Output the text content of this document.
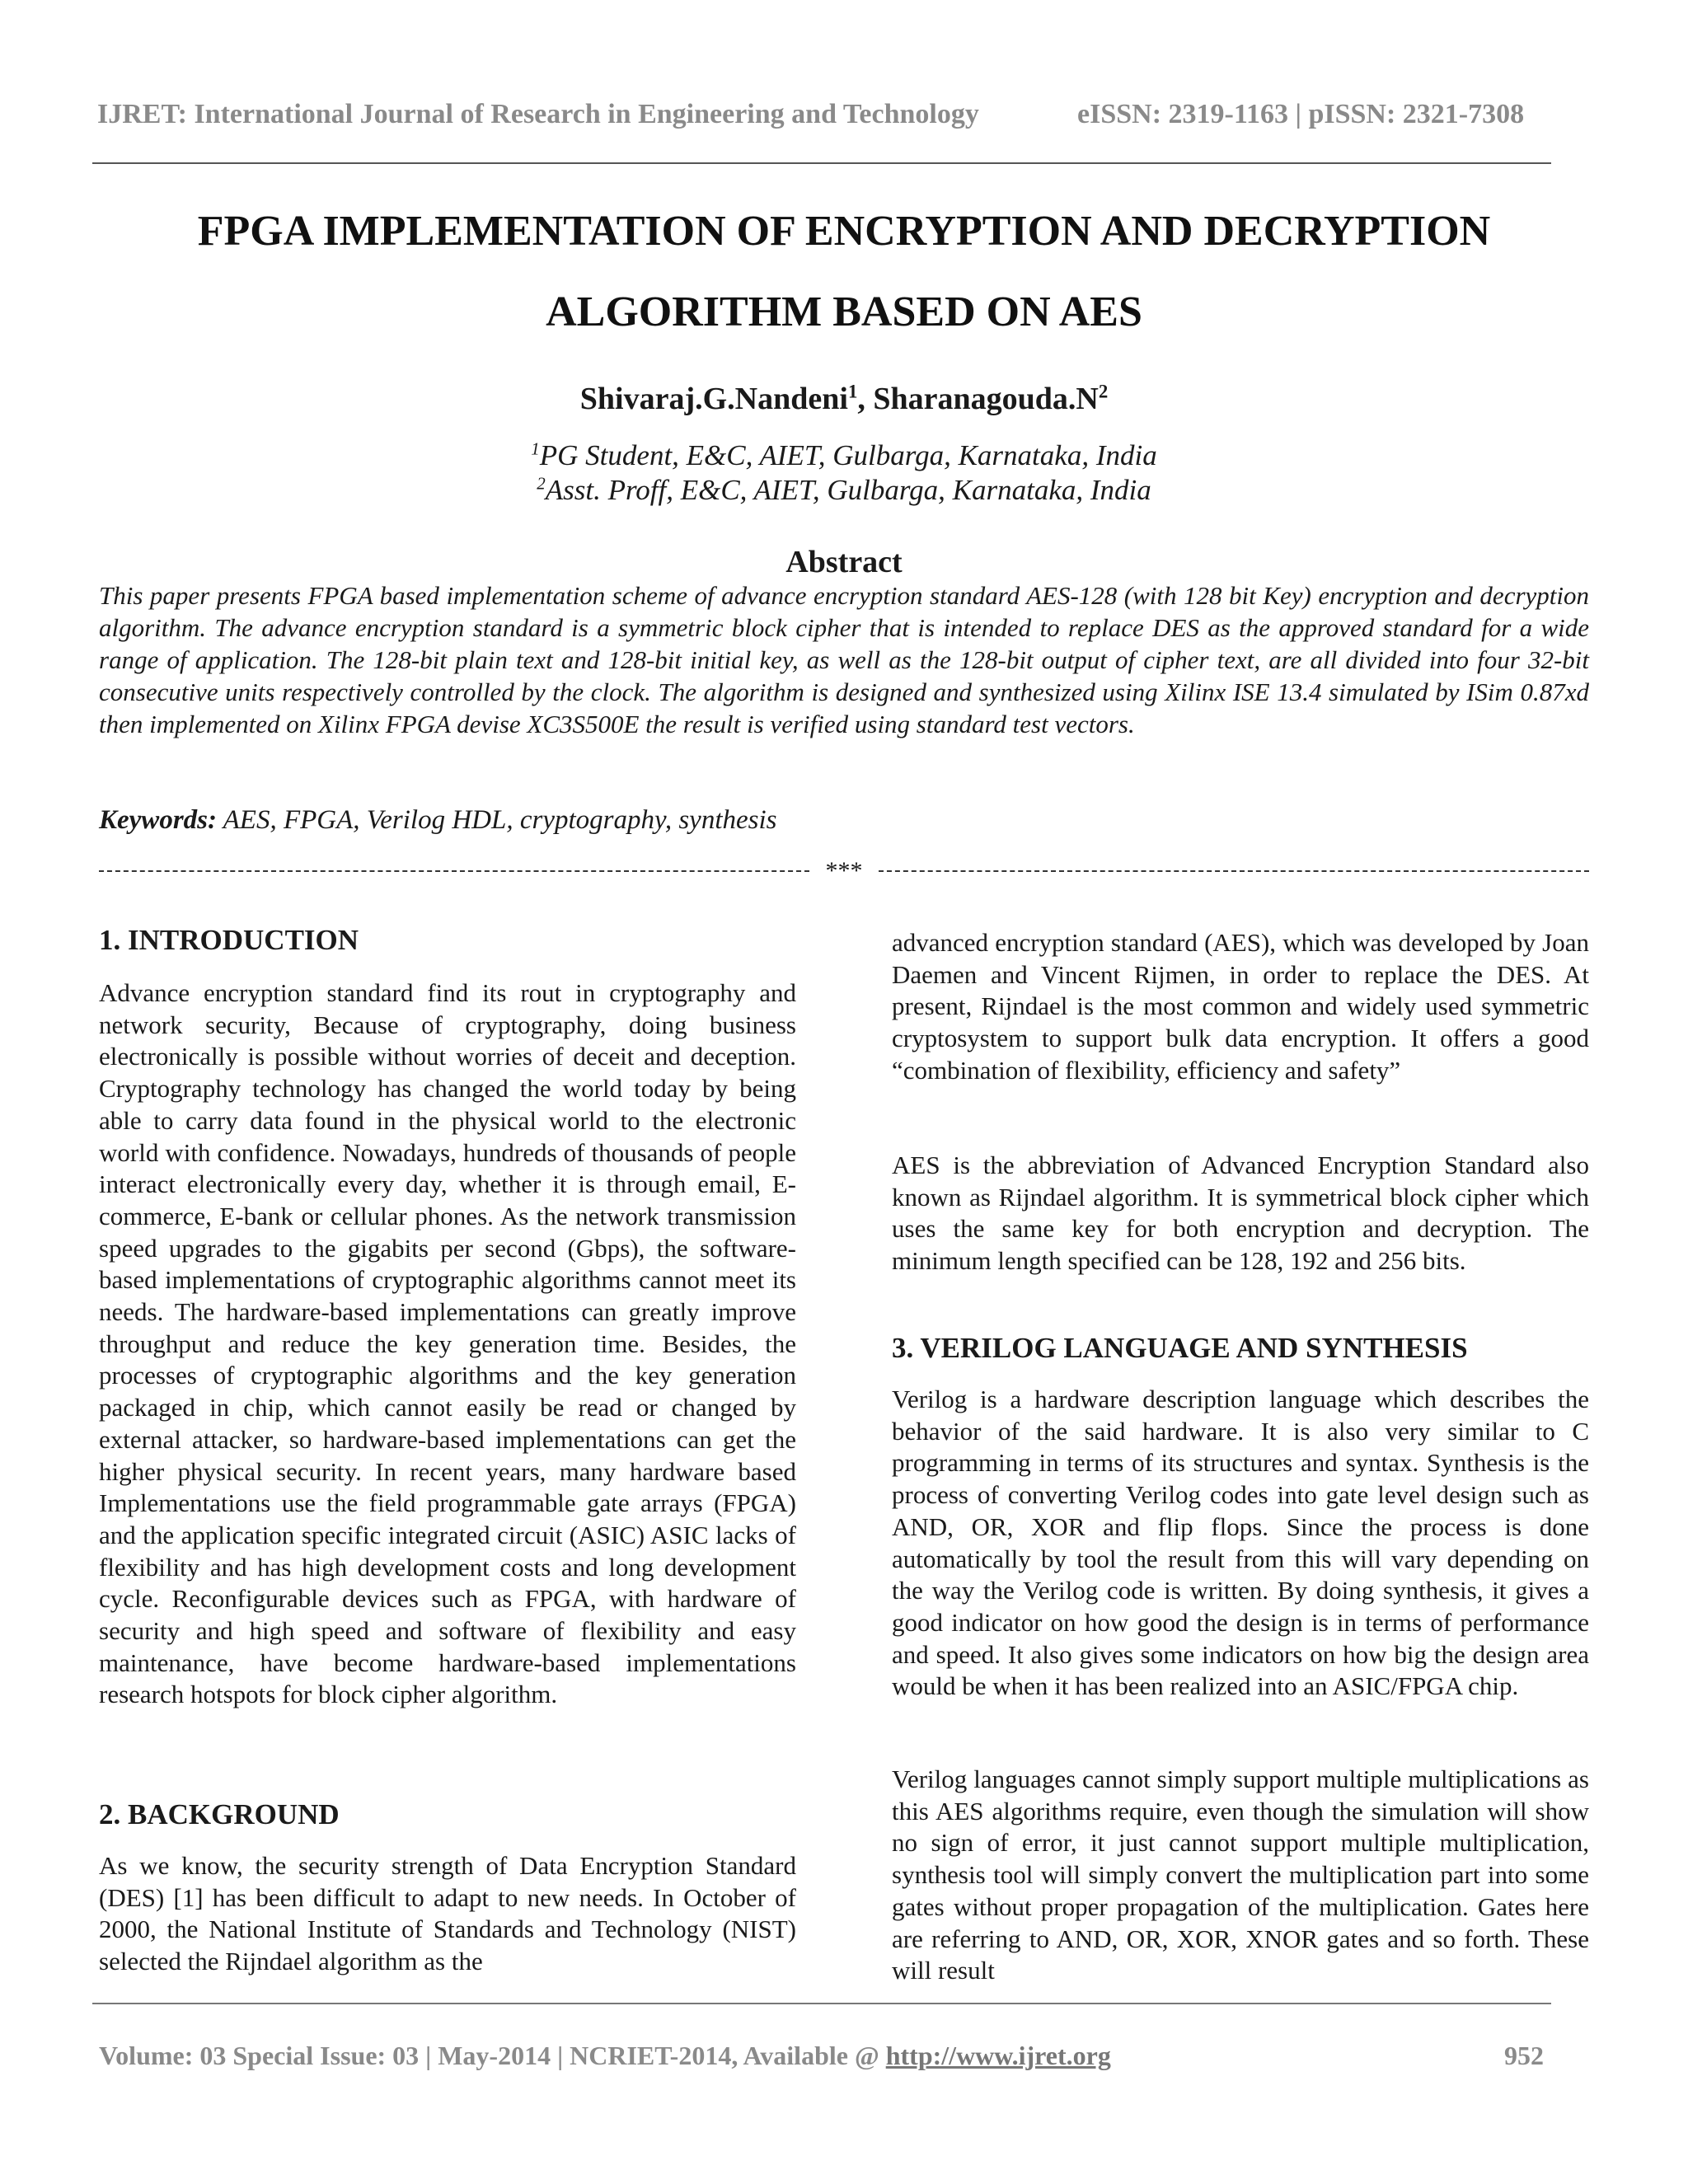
IJRET: International Journal of Research in Engineering and Technology	eISSN: 2319-1163 | pISSN: 2321-7308
FPGA IMPLEMENTATION OF ENCRYPTION AND DECRYPTION
ALGORITHM BASED ON AES
Shivaraj.G.Nandeni$^1$, $Sharanagouda.N^2$
$^1$PG Student, E&C, AIET, Gulbarga, Karnataka, India
$^2$Asst. Proff, E&C, AIET, Gulbarga, Karnataka, India
Abstract
This paper presents FPGA based implementation scheme of advance encryption standard AES-128 (with 128 bit Key) encryption and decryption algorithm. The advance encryption standard is a symmetric block cipher that is intended to replace DES as the approved standard for a wide range of application. The 128-bit plain text and 128-bit initial key, as well as the 128-bit output of cipher text, are all divided into four 32-bit consecutive units respectively controlled by the clock. The algorithm is designed and synthesized using Xilinx ISE 13.4 simulated by ISim 0.87xd then implemented on Xilinx FPGA devise XC3S500E the result is verified using standard test vectors.
Keywords: AES, FPGA, Verilog HDL, cryptography, synthesis
***
1. INTRODUCTION

Advance encryption standard find its rout in cryptography and network security, Because of cryptography, doing business electronically is possible without worries of deceit and deception. Cryptography technology has changed the world today by being able to carry data found in the physical world to the electronic world with confidence. Nowadays, hundreds of thousands of people interact electronically every day, whether it is through email, E-commerce, E-bank or cellular phones. As the network transmission speed upgrades to the gigabits per second (Gbps), the software-based implementations of cryptographic algorithms cannot meet its needs. The hardware-based implementations can greatly improve throughput and reduce the key generation time. Besides, the processes of cryptographic algorithms and the key generation packaged in chip, which cannot easily be read or changed by external attacker, so hardware-based implementations can get the higher physical security. In recent years, many hardware based Implementations use the field programmable gate arrays (FPGA) and the application specific integrated circuit (ASIC) ASIC lacks of flexibility and has high development costs and long development cycle. Reconfigurable devices such as FPGA, with hardware of security and high speed and software of flexibility and easy maintenance, have become hardware-based implementations research hotspots for block cipher algorithm.

2. BACKGROUND

As we know, the security strength of Data Encryption Standard (DES) [1] has been difficult to adapt to new needs. In October of 2000, the National Institute of Standards and Technology (NIST) selected the Rijndael algorithm as the

advanced encryption standard (AES), which was developed by Joan Daemen and Vincent Rijmen, in order to replace the DES. At present, Rijndael is the most common and widely used symmetric cryptosystem to support bulk data encryption. It offers a good “combination of flexibility, efficiency and safety”

AES is the abbreviation of Advanced Encryption Standard also known as Rijndael algorithm. It is symmetrical block cipher which uses the same key for both encryption and decryption. The minimum length specified can be 128, 192 and 256 bits.

3. VERILOG LANGUAGE AND SYNTHESIS

Verilog is a hardware description language which describes the behavior of the said hardware. It is also very similar to C programming in terms of its structures and syntax. Synthesis is the process of converting Verilog codes into gate level design such as AND, OR, XOR and flip flops. Since the process is done automatically by tool the result from this will vary depending on the way the Verilog code is written. By doing synthesis, it gives a good indicator on how good the design is in terms of performance and speed. It also gives some indicators on how big the design area would be when it has been realized into an ASIC/FPGA chip.

Verilog languages cannot simply support multiple multiplications as this AES algorithms require, even though the simulation will show no sign of error, it just cannot support multiple multiplication, synthesis tool will simply convert the multiplication part into some gates without proper propagation of the multiplication. Gates here are referring to AND, OR, XOR, XNOR gates and so forth. These will result

Volume: 03 Special Issue: 03 | May-2014 | NCRIET-2014, Available @ http://www.ijret.org	952
